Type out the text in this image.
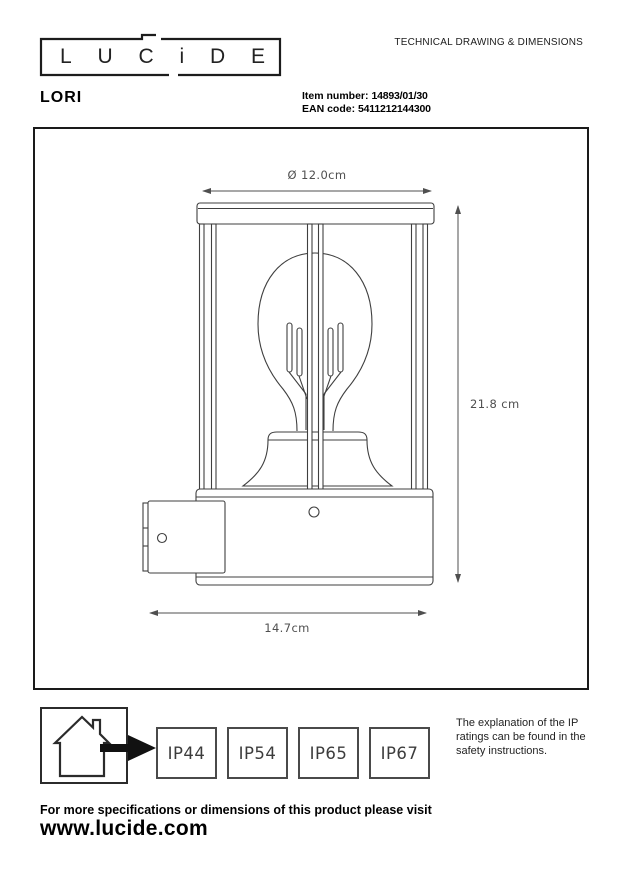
LUCiDE
TECHNICAL DRAWING & DIMENSIONS
LORI	Item number: 14893/01/30
EAN code: 5411212144300
Ø 12.0cm
21.8 cm
14.7cm
IP44 IP54 IP65 IP67
The explanation of the IP ratings can be found in the safety instructions.
For more specifications or dimensions of this product please visit
www.lucide.com
